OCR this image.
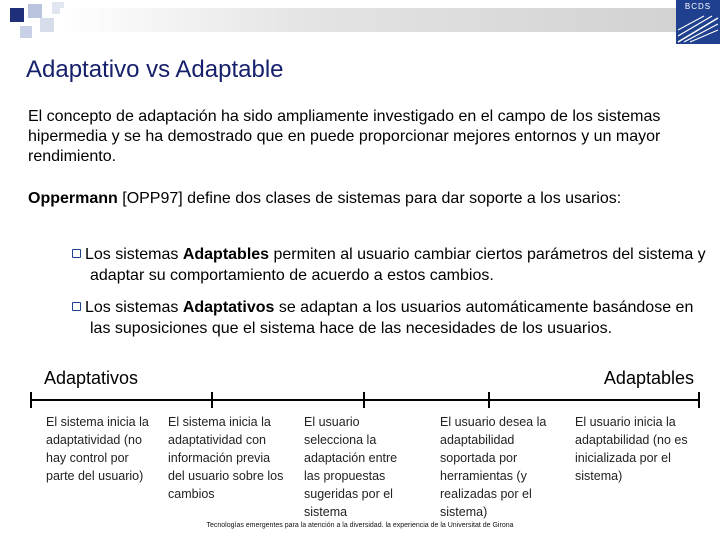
BCDS
Adaptativo vs Adaptable
El concepto de adaptación ha sido ampliamente investigado en el campo de los sistemas hipermedia y se ha demostrado que en puede proporcionar mejores entornos y un mayor rendimiento.
Oppermann [OPP97] define dos clases de sistemas para dar soporte a los usarios:
Los sistemas Adaptables permiten al usuario cambiar ciertos parámetros del sistema y adaptar su comportamiento de acuerdo a estos cambios.
Los sistemas Adaptativos se adaptan a los usuarios automáticamente basándose en las suposiciones que el sistema hace de las necesidades de los usuarios.
Adaptativos	Adaptables
El sistema inicia la adaptatividad (no hay control por parte del usuario)
El sistema inicia la adaptatividad con información previa del usuario sobre los cambios
El usuario selecciona la adaptación entre las propuestas sugeridas por el sistema
El usuario desea la adaptabilidad soportada por herramientas (y realizadas por el sistema)
El usuario inicia la adaptabilidad (no es inicializada por el sistema)
Tecnologías emergentes para la atención a la diversidad. la experiencia de la Universitat de Girona
